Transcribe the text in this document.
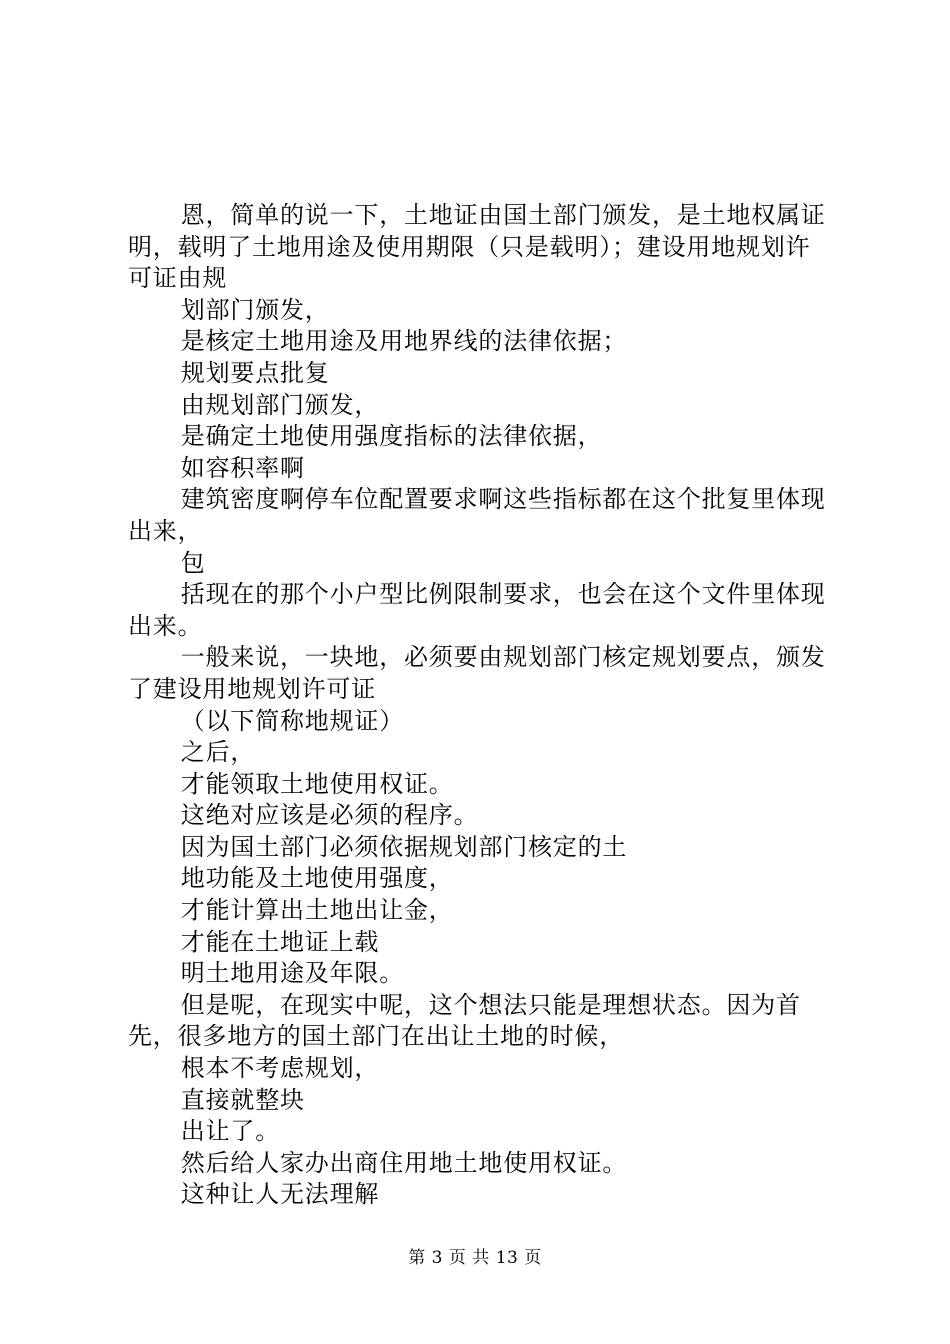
恩，简单的说一下，土地证由国土部门颁发，是土地权属证明，载明了土地用途及使用期限（只是载明）；建设用地规划许可证由规

划部门颁发，

是核定土地用途及用地界线的法律依据；

规划要点批复

由规划部门颁发，

是确定土地使用强度指标的法律依据，

如容积率啊

建筑密度啊停车位配置要求啊这些指标都在这个批复里体现出来，

包

括现在的那个小户型比例限制要求，也会在这个文件里体现出来。

一般来说，一块地，必须要由规划部门核定规划要点，颁发了建设用地规划许可证

（以下简称地规证）

之后，

才能领取土地使用权证。

这绝对应该是必须的程序。

因为国土部门必须依据规划部门核定的土

地功能及土地使用强度，

才能计算出土地出让金，

才能在土地证上载

明土地用途及年限。

但是呢，在现实中呢，这个想法只能是理想状态。因为首先，很多地方的国土部门在出让土地的时候，

根本不考虑规划，

直接就整块

出让了。

然后给人家办出商住用地土地使用权证。

这种让人无法理解

第 3 页 共 13 页
